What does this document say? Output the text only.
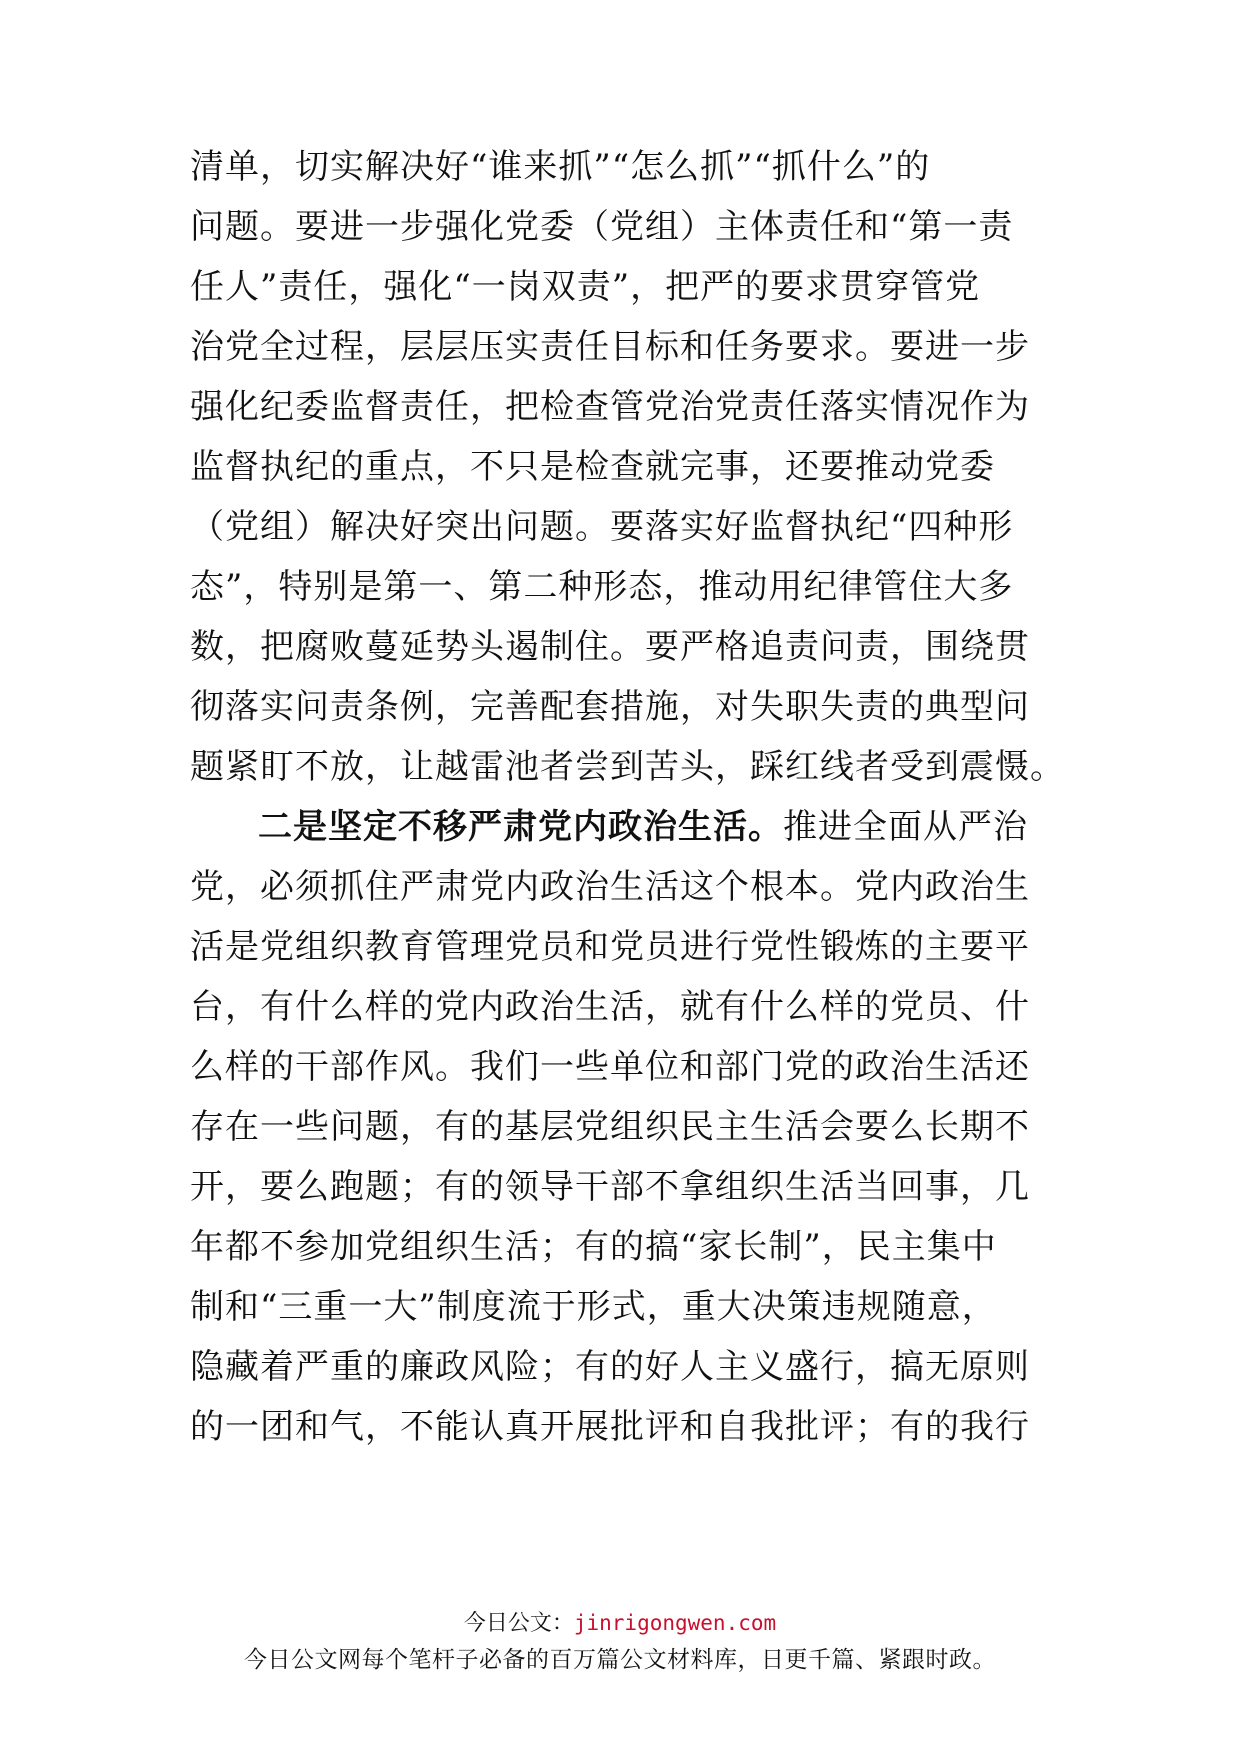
清单，切实解决好“谁来抓”“怎么抓”“抓什么”的
问题。要进一步强化党委（党组）主体责任和“第一责
任人”责任，强化“一岗双责”，把严的要求贯穿管党
治党全过程，层层压实责任目标和任务要求。要进一步
强化纪委监督责任，把检查管党治党责任落实情况作为
监督执纪的重点，不只是检查就完事，还要推动党委
（党组）解决好突出问题。要落实好监督执纪“四种形
态”，特别是第一、第二种形态，推动用纪律管住大多
数，把腐败蔓延势头遏制住。要严格追责问责，围绕贯
彻落实问责条例，完善配套措施，对失职失责的典型问
题紧盯不放，让越雷池者尝到苦头，踩红线者受到震慑。
二是坚定不移严肃党内政治生活。推进全面从严治
党，必须抓住严肃党内政治生活这个根本。党内政治生
活是党组织教育管理党员和党员进行党性锻炼的主要平
台，有什么样的党内政治生活，就有什么样的党员、什
么样的干部作风。我们一些单位和部门党的政治生活还
存在一些问题，有的基层党组织民主生活会要么长期不
开，要么跑题；有的领导干部不拿组织生活当回事，几
年都不参加党组织生活；有的搞“家长制”，民主集中
制和“三重一大”制度流于形式，重大决策违规随意，
隐藏着严重的廉政风险；有的好人主义盛行，搞无原则
的一团和气，不能认真开展批评和自我批评；有的我行
今日公文：jinrigongwen.com
今日公文网每个笔杆子必备的百万篇公文材料库，日更千篇、紧跟时政。
